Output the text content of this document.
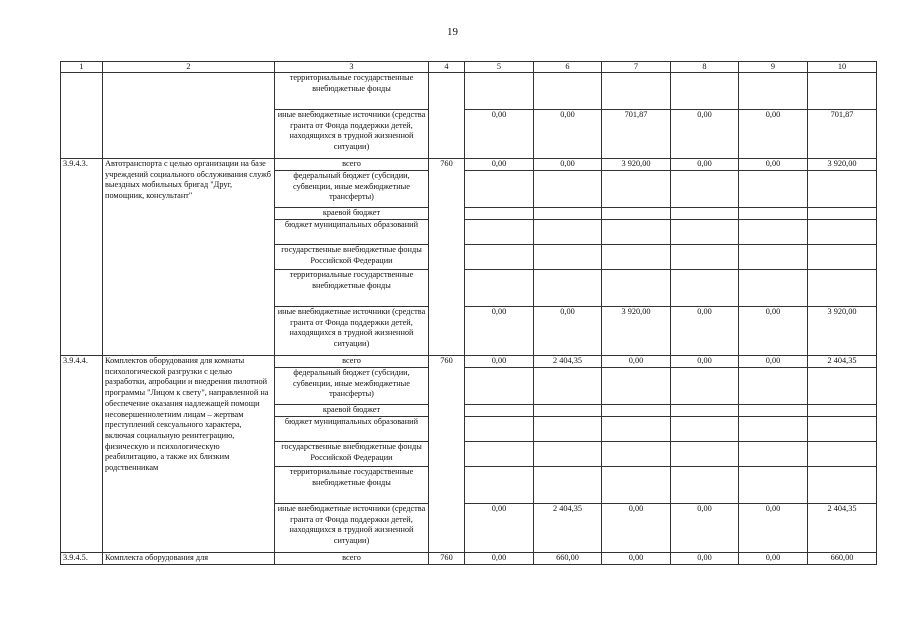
19
1	2	3	4	5	6	7	8	9	10
		территориальные государственные внебюджетные фонды							
		иные внебюджетные источники (средства гранта от Фонда поддержки детей, находящихся в трудной жизненной ситуации)		0,00	0,00	701,87	0,00	0,00	701,87
3.9.4.3.	Автотранспорта с целью организации на базе учреждений социального обслуживания служб выездных мобильных бригад "Друг, помощник, консультант"	всего	760	0,00	0,00	3 920,00	0,00	0,00	3 920,00
		федеральный бюджет (субсидии, субвенции, иные межбюджетные трансферты)							
		краевой бюджет							
		бюджет муниципальных образований							
		государственные внебюджетные фонды Российской Федерации							
		территориальные государственные внебюджетные фонды							
		иные внебюджетные источники (средства гранта от Фонда поддержки детей, находящихся в трудной жизненной ситуации)		0,00	0,00	3 920,00	0,00	0,00	3 920,00
3.9.4.4.	Комплектов оборудования для комнаты психологической разгрузки с целью разработки, апробации и внедрения пилотной программы "Лицом к свету", направленной на обеспечение оказания надлежащей помощи несовершеннолетним лицам – жертвам преступлений сексуального характера, включая социальную реинтеграцию, физическую и психологическую реабилитацию, а также их близким родственникам	всего	760	0,00	2 404,35	0,00	0,00	0,00	2 404,35
		федеральный бюджет (субсидии, субвенции, иные межбюджетные трансферты)							
		краевой бюджет							
		бюджет муниципальных образований							
		государственные внебюджетные фонды Российской Федерации							
		территориальные государственные внебюджетные фонды							
		иные внебюджетные источники (средства гранта от Фонда поддержки детей, находящихся в трудной жизненной ситуации)		0,00	2 404,35	0,00	0,00	0,00	2 404,35
3.9.4.5.	Комплекта оборудования для	всего	760	0,00	660,00	0,00	0,00	0,00	660,00
